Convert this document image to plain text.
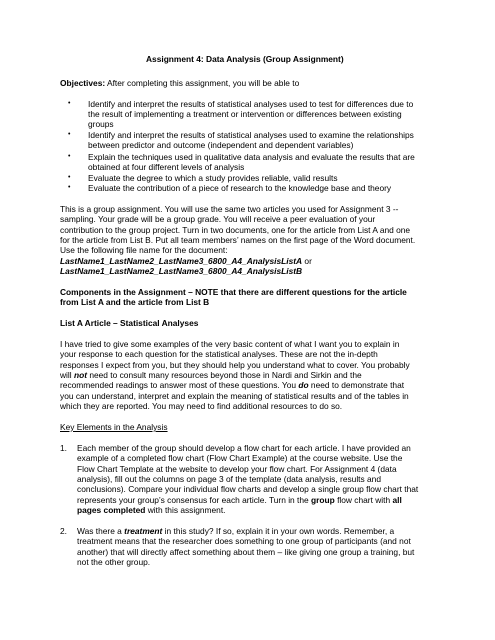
Assignment 4: Data Analysis (Group Assignment)
Objectives: After completing this assignment, you will be able to
• Identify and interpret the results of statistical analyses used to test for differences due to
the result of implementing a treatment or intervention or differences between existing
groups
• Identify and interpret the results of statistical analyses used to examine the relationships
between predictor and outcome (independent and dependent variables)
• Explain the techniques used in qualitative data analysis and evaluate the results that are
obtained at four different levels of analysis
• Evaluate the degree to which a study provides reliable, valid results
• Evaluate the contribution of a piece of research to the knowledge base and theory
This is a group assignment. You will use the same two articles you used for Assignment 3 --
sampling. Your grade will be a group grade. You will receive a peer evaluation of your
contribution to the group project. Turn in two documents, one for the article from List A and one
for the article from List B. Put all team members’ names on the first page of the Word document.
Use the following file name for the document:
LastName1_LastName2_LastName3_6800_A4_AnalysisListA or
LastName1_LastName2_LastName3_6800_A4_AnalysisListB
Components in the Assignment – NOTE that there are different questions for the article
from List A and the article from List B
List A Article – Statistical Analyses
I have tried to give some examples of the very basic content of what I want you to explain in
your response to each question for the statistical analyses. These are not the in-depth
responses I expect from you, but they should help you understand what to cover. You probably
will not need to consult many resources beyond those in Nardi and Sirkin and the
recommended readings to answer most of these questions. You do need to demonstrate that
you can understand, interpret and explain the meaning of statistical results and of the tables in
which they are reported. You may need to find additional resources to do so.
Key Elements in the Analysis
1. Each member of the group should develop a flow chart for each article. I have provided an
example of a completed flow chart (Flow Chart Example) at the course website. Use the
Flow Chart Template at the website to develop your flow chart. For Assignment 4 (data
analysis), fill out the columns on page 3 of the template (data analysis, results and
conclusions). Compare your individual flow charts and develop a single group flow chart that
represents your group’s consensus for each article. Turn in the group flow chart with all
pages completed with this assignment.
2. Was there a treatment in this study? If so, explain it in your own words. Remember, a
treatment means that the researcher does something to one group of participants (and not
another) that will directly affect something about them – like giving one group a training, but
not the other group.
